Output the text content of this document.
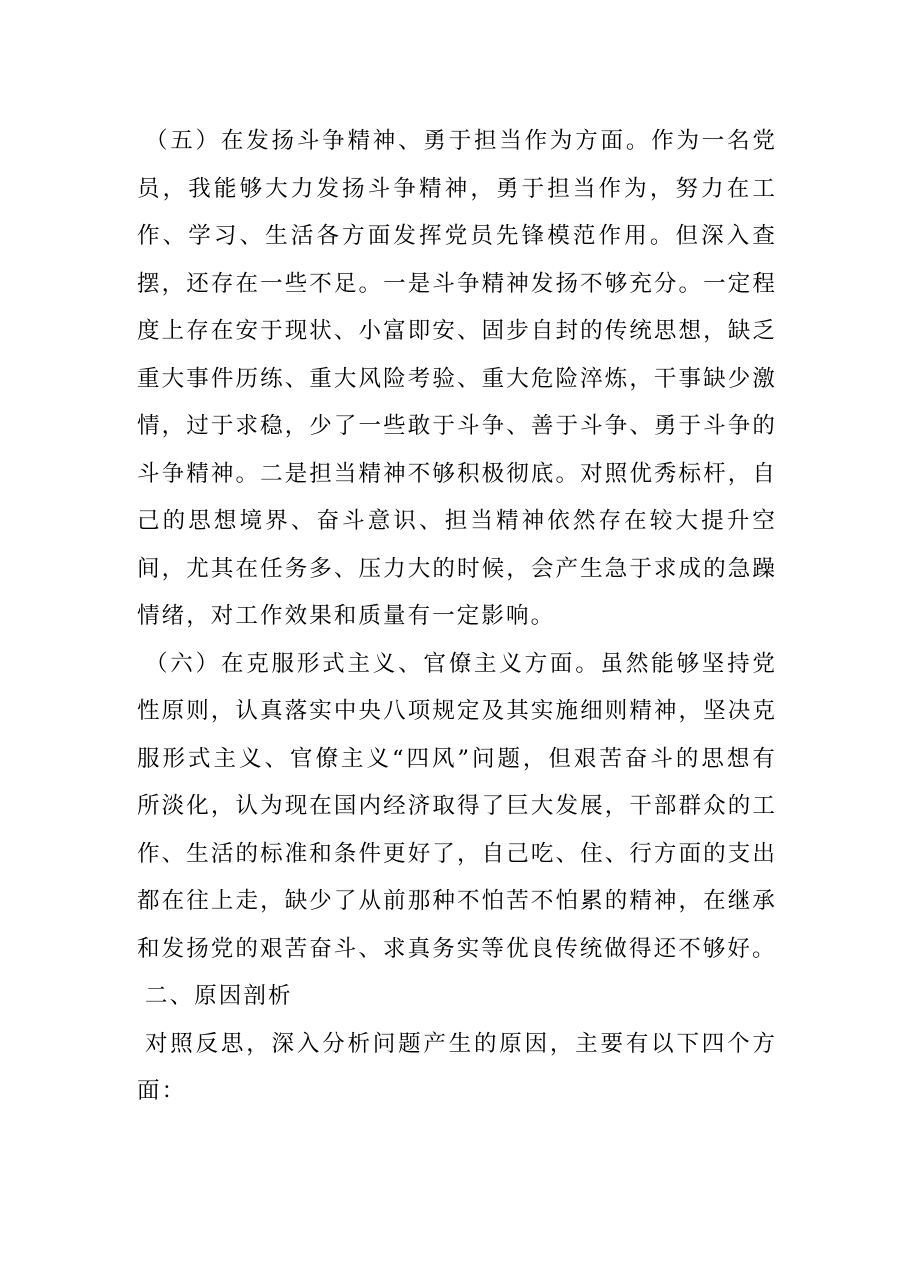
（五）在发扬斗争精神、勇于担当作为方面。作为一名党员，我能够大力发扬斗争精神，勇于担当作为，努力在工作、学习、生活各方面发挥党员先锋模范作用。但深入查摆，还存在一些不足。一是斗争精神发扬不够充分。一定程度上存在安于现状、小富即安、固步自封的传统思想，缺乏重大事件历练、重大风险考验、重大危险淬炼，干事缺少激情，过于求稳，少了一些敢于斗争、善于斗争、勇于斗争的斗争精神。二是担当精神不够积极彻底。对照优秀标杆，自己的思想境界、奋斗意识、担当精神依然存在较大提升空间，尤其在任务多、压力大的时候，会产生急于求成的急躁情绪，对工作效果和质量有一定影响。

（六）在克服形式主义、官僚主义方面。虽然能够坚持党性原则，认真落实中央八项规定及其实施细则精神，坚决克服形式主义、官僚主义“四风”问题，但艰苦奋斗的思想有所淡化，认为现在国内经济取得了巨大发展，干部群众的工作、生活的标准和条件更好了，自己吃、住、行方面的支出都在往上走，缺少了从前那种不怕苦不怕累的精神，在继承和发扬党的艰苦奋斗、求真务实等优良传统做得还不够好。

二、原因剖析

对照反思，深入分析问题产生的原因，主要有以下四个方面：
